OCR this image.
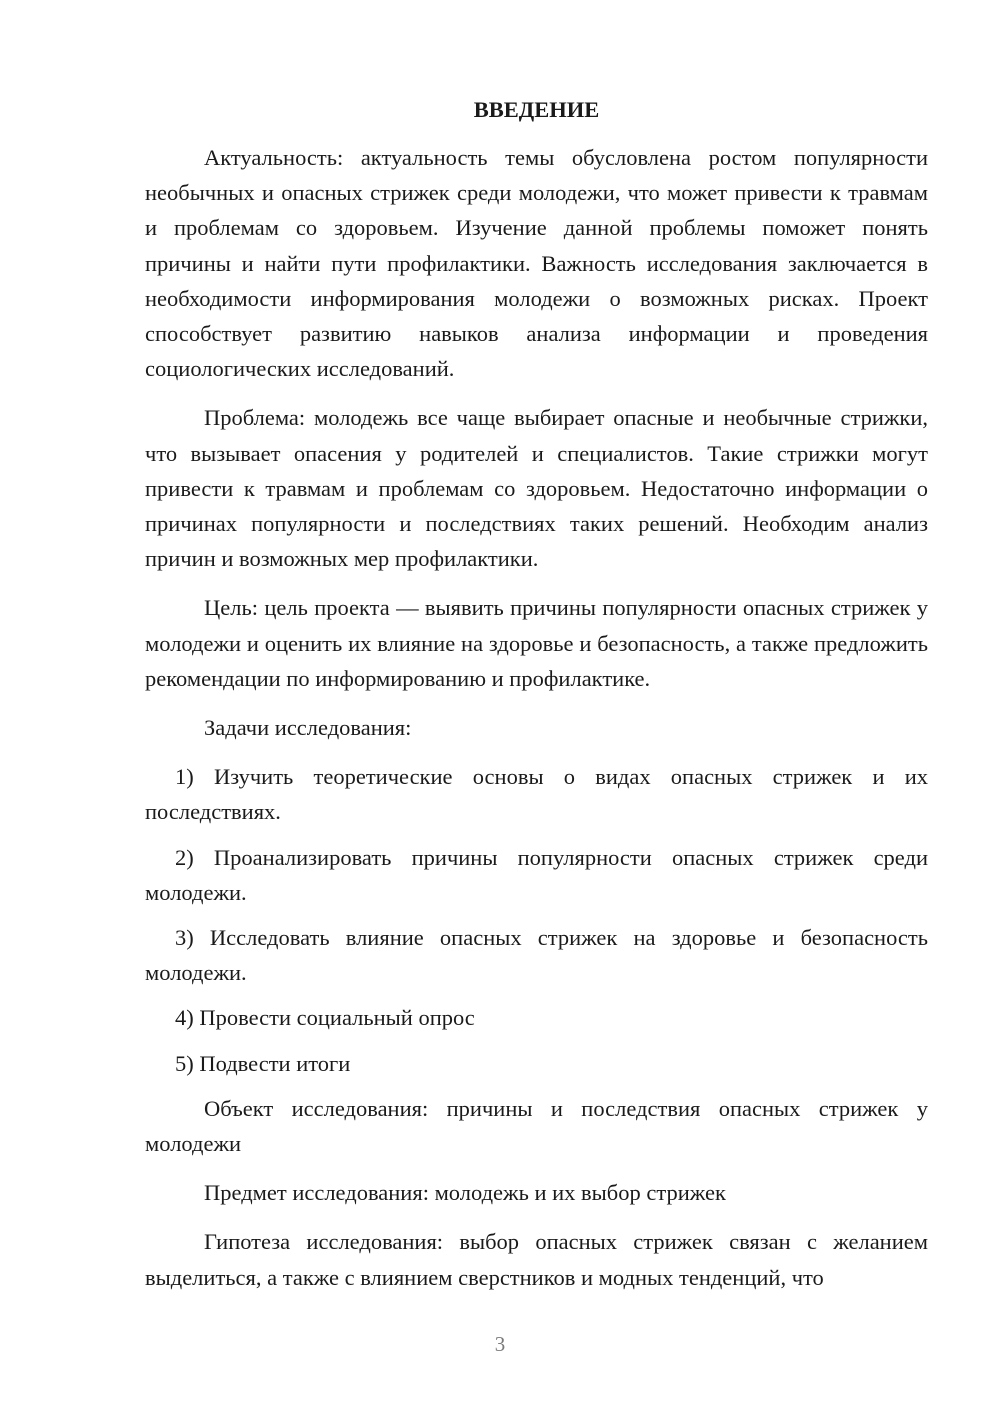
ВВЕДЕНИЕ

Актуальность: актуальность темы обусловлена ростом популярности необычных и опасных стрижек среди молодежи, что может привести к травмам и проблемам со здоровьем. Изучение данной проблемы поможет понять причины и найти пути профилактики. Важность исследования заключается в необходимости информирования молодежи о возможных рисках. Проект способствует развитию навыков анализа информации и проведения социологических исследований.

Проблема: молодежь все чаще выбирает опасные и необычные стрижки, что вызывает опасения у родителей и специалистов. Такие стрижки могут привести к травмам и проблемам со здоровьем. Недостаточно информации о причинах популярности и последствиях таких решений. Необходим анализ причин и возможных мер профилактики.

Цель: цель проекта — выявить причины популярности опасных стрижек у молодежи и оценить их влияние на здоровье и безопасность, а также предложить рекомендации по информированию и профилактике.

Задачи исследования:

1) Изучить теоретические основы о видах опасных стрижек и их последствиях.

2) Проанализировать причины популярности опасных стрижек среди молодежи.

3) Исследовать влияние опасных стрижек на здоровье и безопасность молодежи.

4) Провести социальный опрос

5) Подвести итоги

Объект исследования: причины и последствия опасных стрижек у молодежи

Предмет исследования: молодежь и их выбор стрижек

Гипотеза исследования: выбор опасных стрижек связан с желанием выделиться, а также с влиянием сверстников и модных тенденций, что

3
